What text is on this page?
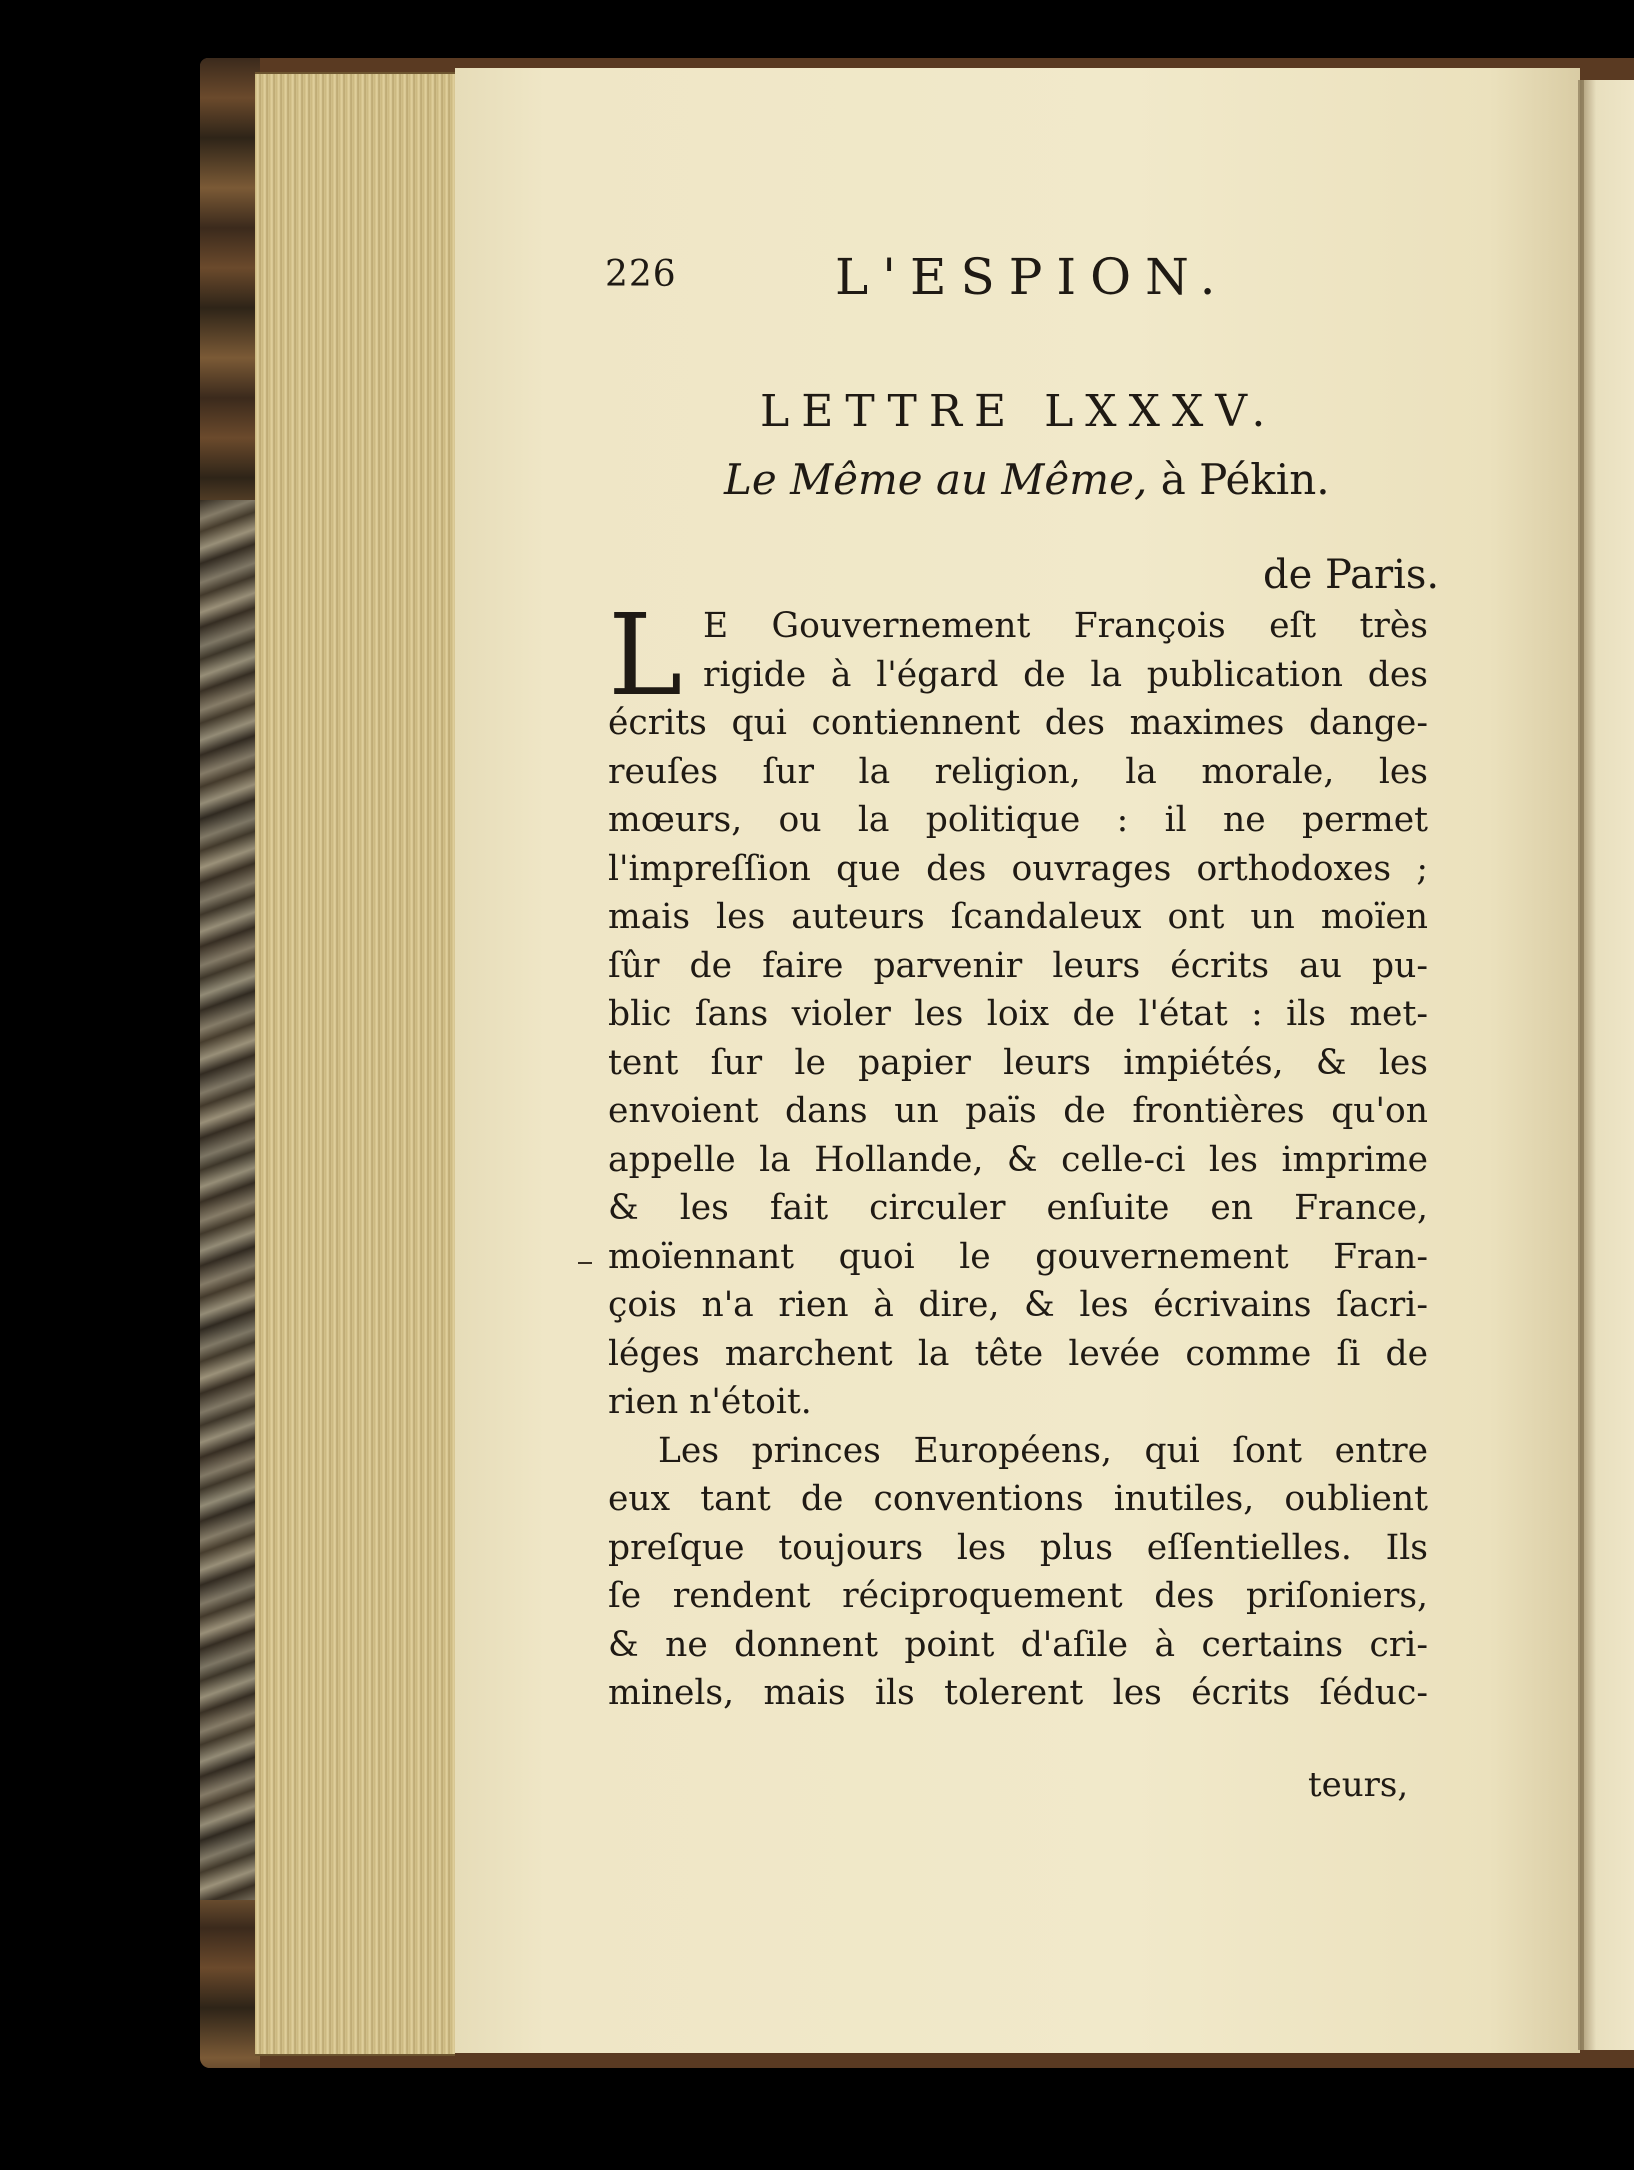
226	L'ESPION.
LETTRE LXXXV.
Le Même au Même, à Pékin.
de Paris.
L E Gouvernement François eſt très
rigide à l'égard de la publication des
écrits qui contiennent des maximes dange-
reuſes ſur la religion, la morale, les
mœurs, ou la politique : il ne permet
l'impreſſion que des ouvrages orthodoxes ;
mais les auteurs ſcandaleux ont un moïen
ſûr de faire parvenir leurs écrits au pu-
blic ſans violer les loix de l'état : ils met-
tent ſur le papier leurs impiétés, & les
envoient dans un païs de frontières qu'on
appelle la Hollande, & celle-ci les imprime
& les fait circuler enſuite en France,
moïennant quoi le gouvernement Fran-
çois n'a rien à dire, & les écrivains ſacri-
léges marchent la tête levée comme ſi de
rien n'étoit.
Les princes Européens, qui ſont entre
eux tant de conventions inutiles, oublient
preſque toujours les plus eſſentielles. Ils
ſe rendent réciproquement des priſoniers,
& ne donnent point d'aſile à certains cri-
minels, mais ils tolerent les écrits ſéduc-
teurs,
